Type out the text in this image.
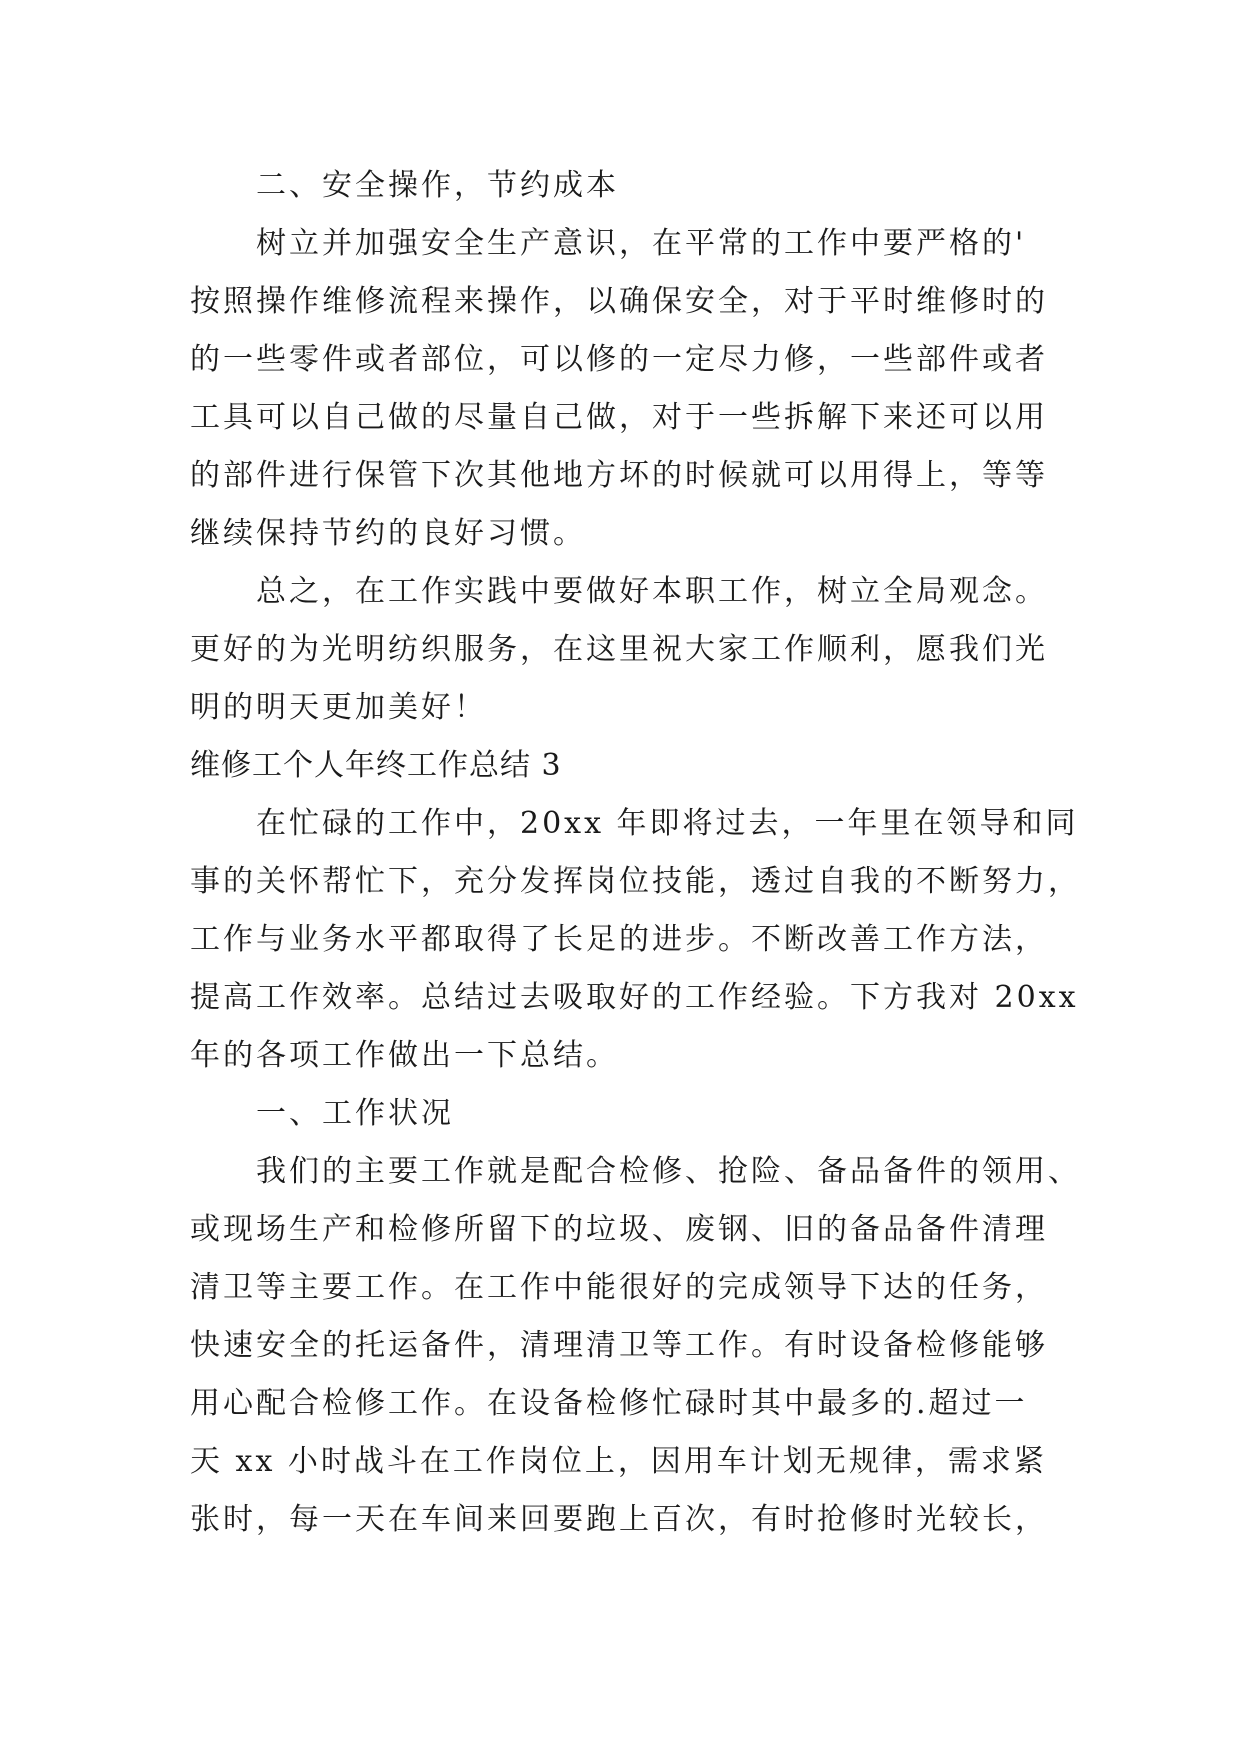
二、安全操作，节约成本
树立并加强安全生产意识，在平常的工作中要严格的'
按照操作维修流程来操作，以确保安全，对于平时维修时的
的一些零件或者部位，可以修的一定尽力修，一些部件或者
工具可以自己做的尽量自己做，对于一些拆解下来还可以用
的部件进行保管下次其他地方坏的时候就可以用得上，等等
继续保持节约的良好习惯。
总之，在工作实践中要做好本职工作，树立全局观念。
更好的为光明纺织服务，在这里祝大家工作顺利，愿我们光
明的明天更加美好！
维修工个人年终工作总结 3
在忙碌的工作中，20xx 年即将过去，一年里在领导和同
事的关怀帮忙下，充分发挥岗位技能，透过自我的不断努力，
工作与业务水平都取得了长足的进步。不断改善工作方法，
提高工作效率。总结过去吸取好的工作经验。下方我对 20xx
年的各项工作做出一下总结。
一、工作状况
我们的主要工作就是配合检修、抢险、备品备件的领用、
或现场生产和检修所留下的垃圾、废钢、旧的备品备件清理
清卫等主要工作。在工作中能很好的完成领导下达的任务，
快速安全的托运备件，清理清卫等工作。有时设备检修能够
用心配合检修工作。在设备检修忙碌时其中最多的.超过一
天 xx 小时战斗在工作岗位上，因用车计划无规律，需求紧
张时，每一天在车间来回要跑上百次，有时抢修时光较长，
